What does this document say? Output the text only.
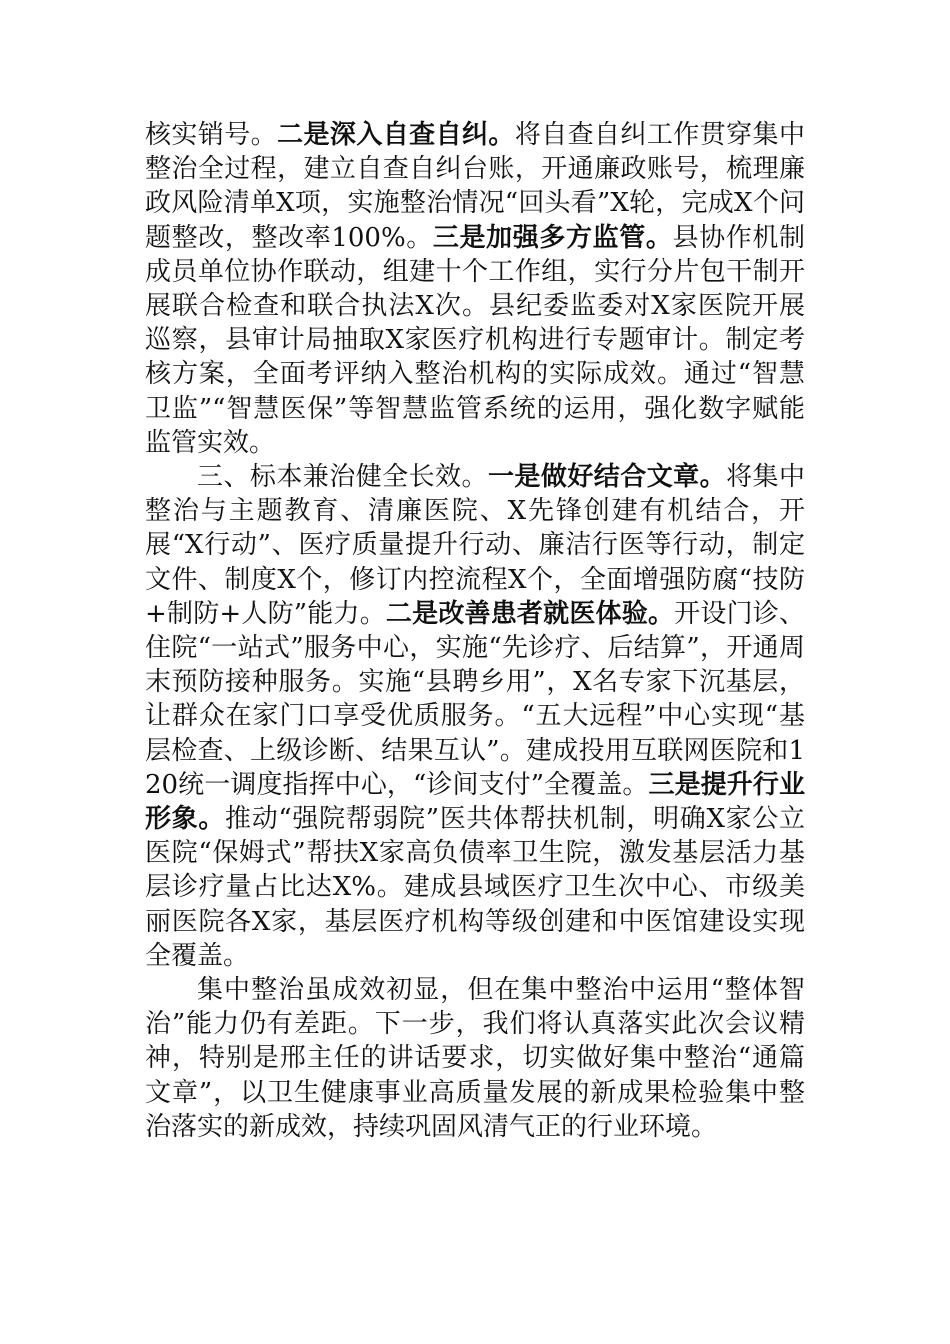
核实销号。二是深入自查自纠。将自查自纠工作贯穿集中整治全过程，建立自查自纠台账，开通廉政账号，梳理廉政风险清单X项，实施整治情况“回头看”X轮，完成X个问题整改，整改率100%。三是加强多方监管。县协作机制成员单位协作联动，组建十个工作组，实行分片包干制开展联合检查和联合执法X次。县纪委监委对X家医院开展巡察，县审计局抽取X家医疗机构进行专题审计。制定考核方案，全面考评纳入整治机构的实际成效。通过“智慧卫监”“智慧医保”等智慧监管系统的运用，强化数字赋能监管实效。

三、标本兼治健全长效。一是做好结合文章。将集中整治与主题教育、清廉医院、X先锋创建有机结合，开展“X行动”、医疗质量提升行动、廉洁行医等行动，制定文件、制度X个，修订内控流程X个，全面增强防腐“技防+制防+人防”能力。二是改善患者就医体验。开设门诊、住院“一站式”服务中心，实施“先诊疗、后结算”，开通周末预防接种服务。实施“县聘乡用”，X名专家下沉基层，让群众在家门口享受优质服务。“五大远程”中心实现“基层检查、上级诊断、结果互认”。建成投用互联网医院和120统一调度指挥中心，“诊间支付”全覆盖。三是提升行业形象。推动“强院帮弱院”医共体帮扶机制，明确X家公立医院“保姆式”帮扶X家高负债率卫生院，激发基层活力基层诊疗量占比达X%。建成县域医疗卫生次中心、市级美丽医院各X家，基层医疗机构等级创建和中医馆建设实现全覆盖。

集中整治虽成效初显，但在集中整治中运用“整体智治”能力仍有差距。下一步，我们将认真落实此次会议精神，特别是邢主任的讲话要求，切实做好集中整治“通篇文章”，以卫生健康事业高质量发展的新成果检验集中整治落实的新成效，持续巩固风清气正的行业环境。
